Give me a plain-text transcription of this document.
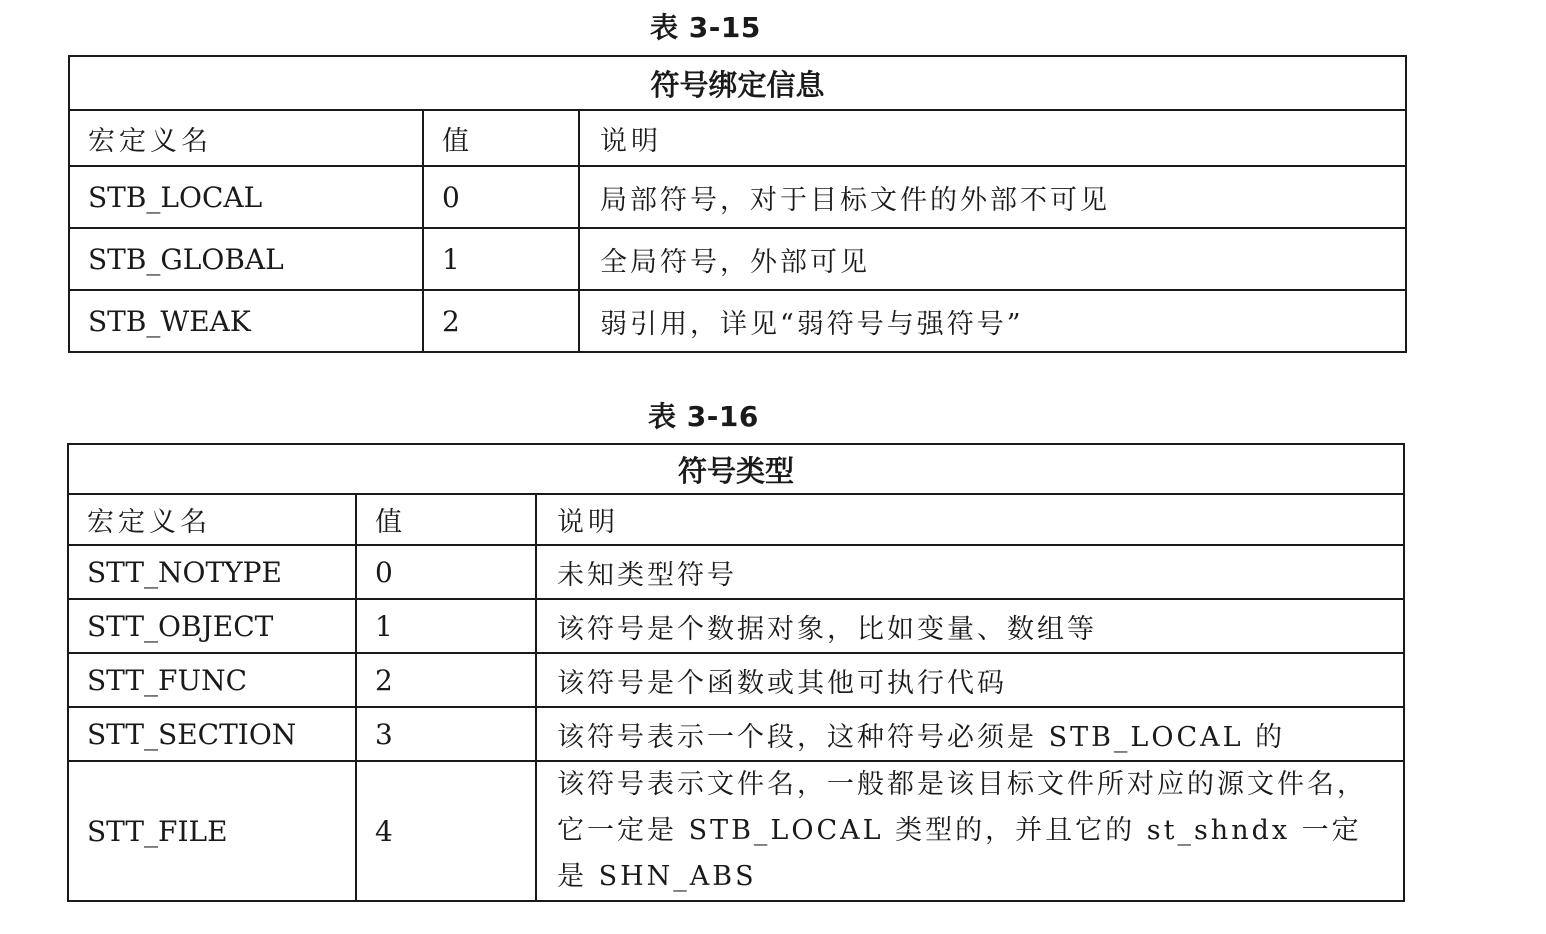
表 3-15
符号绑定信息		
宏定义名	值	说明
STB_LOCAL	0	局部符号，对于目标文件的外部不可见
STB_GLOBAL	1	全局符号，外部可见
STB_WEAK	2	弱引用，详见“弱符号与强符号”
表 3-16
符号类型		
宏定义名	值	说明
STT_NOTYPE	0	未知类型符号
STT_OBJECT	1	该符号是个数据对象，比如变量、数组等
STT_FUNC	2	该符号是个函数或其他可执行代码
STT_SECTION	3	该符号表示一个段，这种符号必须是 STB_LOCAL 的
STT_FILE	4	该符号表示文件名，一般都是该目标文件所对应的源文件名，它一定是 STB_LOCAL 类型的，并且它的 st_shndx 一定是 SHN_ABS
